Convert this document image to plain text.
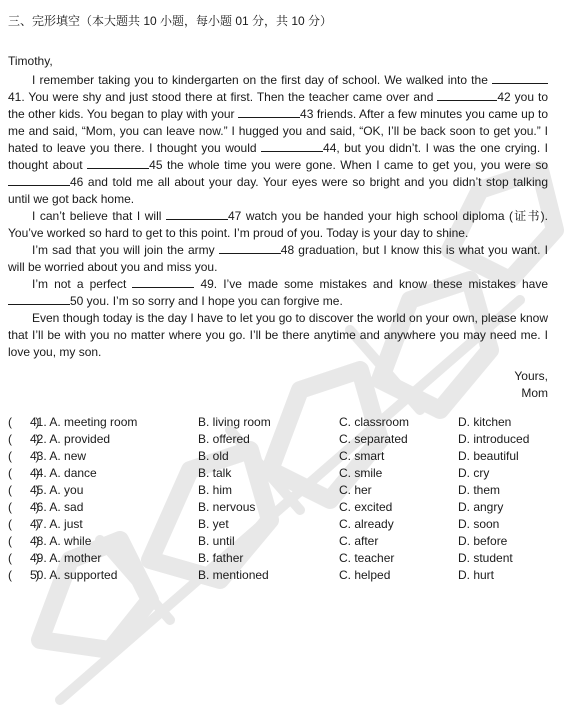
三、完形填空（本大题共 10 小题，每小题 01 分，共 10 分）
Timothy,

I remember taking you to kindergarten on the first day of school. We walked into the 41. You were shy and just stood there at first. Then the teacher came over and	42 you to the other kids. You began to play with your	43 friends. After a few minutes you came up to me and said, “Mom, you can leave now.” I hugged you and said, “OK, I’ll be back soon to get you.” I hated to leave you there. I thought you would	44, but you didn’t. I was the one crying. I thought about	45 the whole time you were gone. When I came to get you, you were so 46 and told me all about your day. Your eyes were so bright and you didn’t stop talking until we got back home.

I can’t believe that I will	47 watch you be handed your high school diploma (证书). You’ve worked so hard to get to this point. I’m proud of you. Today is your day to shine.

I’m sad that you will join the army	48 graduation, but I know this is what you want. I will be worried about you and miss you.

I’m not a perfect	49. I’ve made some mistakes and know these mistakes have 50 you. I’m so sorry and I hope you can forgive me.

Even though today is the day I have to let you go to discover the world on your own, please know that I’ll be with you no matter where you go. I’ll be there anytime and anywhere you may need me. I love you, my son.

Yours,
Mom
(       )
41. A. meeting room	B. living room	C. classroom	D. kitchen
(       )
42. A. provided	B. offered	C. separated	D. introduced
(       )
43. A. new	B. old	C. smart	D. beautiful
(       )
44. A. dance	B. talk	C. smile	D. cry
(       )
45. A. you	B. him	C. her	D. them
(       )
46. A. sad	B. nervous	C. excited	D. angry
(       )
47. A. just	B. yet	C. already	D. soon
(       )
48. A. while	B. until	C. after	D. before
(       )
49. A. mother	B. father	C. teacher	D. student
(       )
50. A. supported	B. mentioned	C. helped	D. hurt
